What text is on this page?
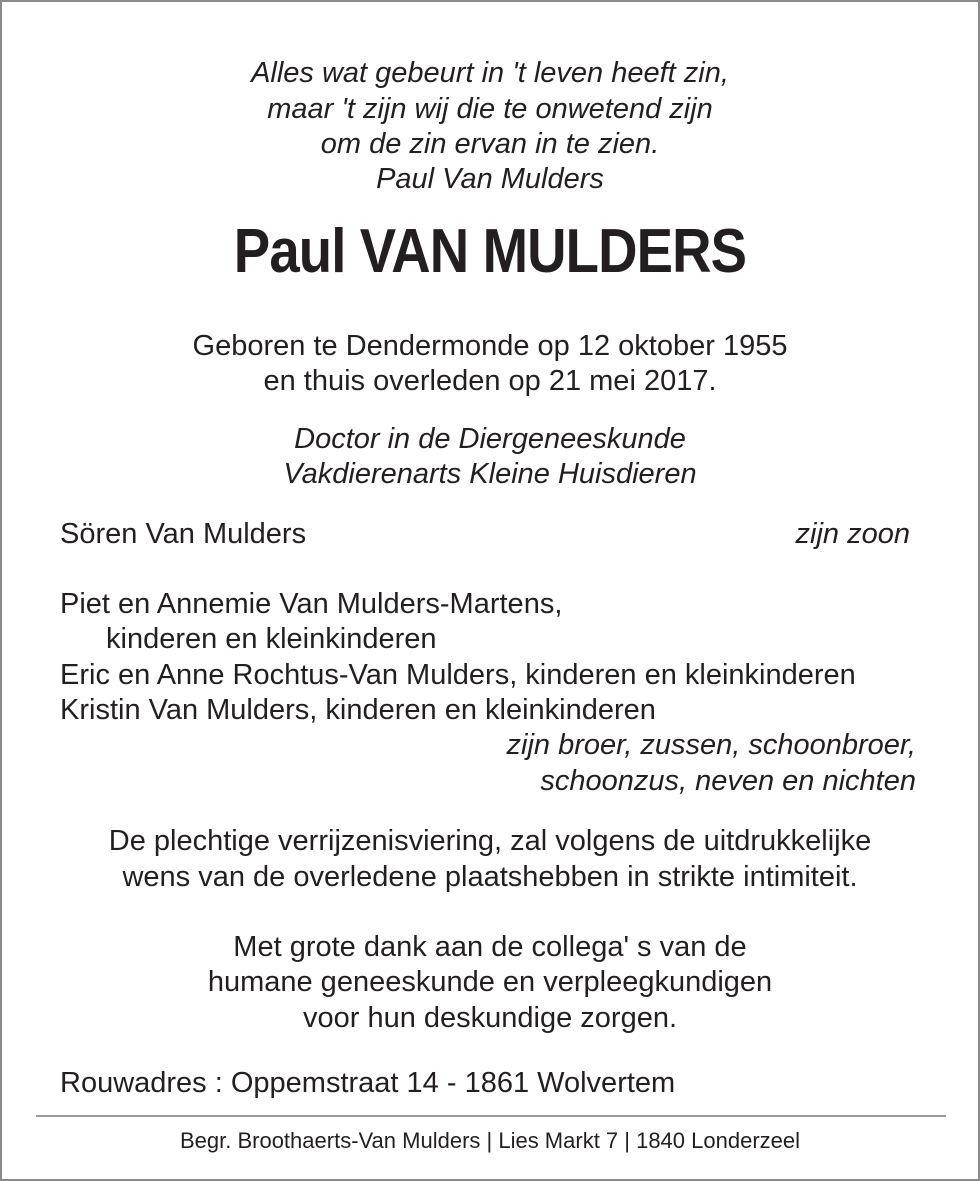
Alles wat gebeurt in 't leven heeft zin,
maar 't zijn wij die te onwetend zijn
om de zin ervan in te zien.
Paul Van Mulders
Paul VAN MULDERS
Geboren te Dendermonde op 12 oktober 1955
en thuis overleden op 21 mei 2017.
Doctor in de Diergeneeskunde
Vakdierenarts Kleine Huisdieren
Sören Van Mulders	zijn zoon
Piet en Annemie Van Mulders-Martens,
kinderen en kleinkinderen
Eric en Anne Rochtus-Van Mulders, kinderen en kleinkinderen
Kristin Van Mulders, kinderen en kleinkinderen
zijn broer, zussen, schoonbroer,
schoonzus, neven en nichten
De plechtige verrijzenisviering, zal volgens de uitdrukkelijke
wens van de overledene plaatshebben in strikte intimiteit.
Met grote dank aan de collega' s van de
humane geneeskunde en verpleegkundigen
voor hun deskundige zorgen.
Rouwadres : Oppemstraat 14 - 1861 Wolvertem
Begr. Broothaerts-Van Mulders | Lies Markt 7 | 1840 Londerzeel
